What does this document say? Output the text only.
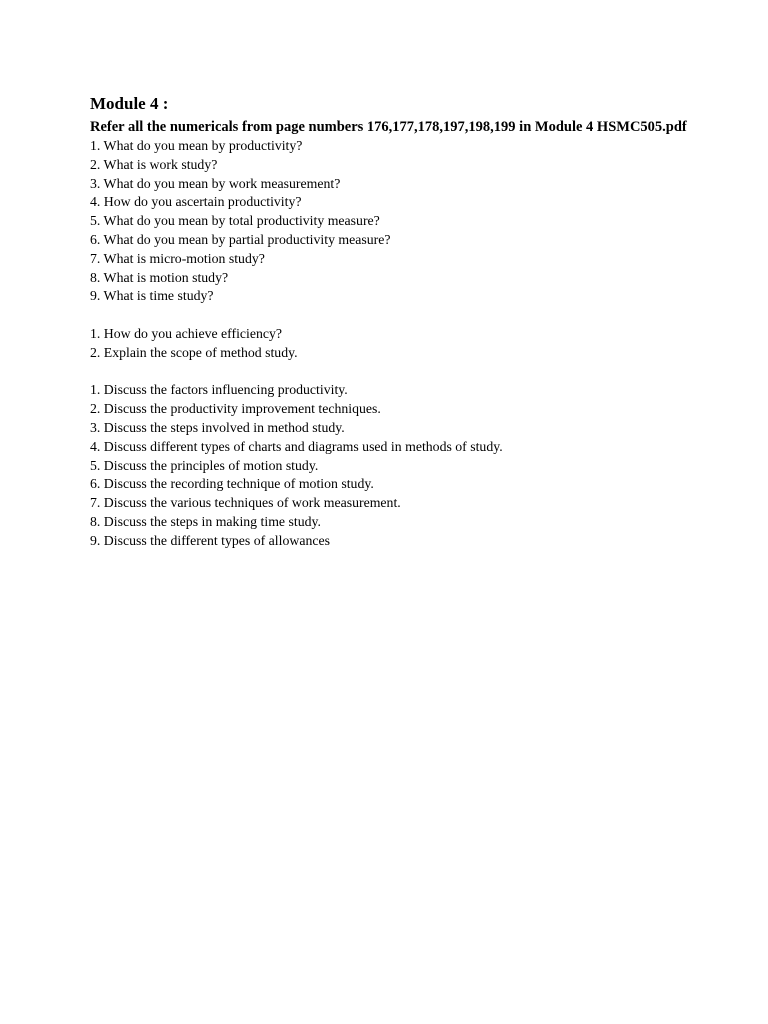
Module 4 :
Refer all the numericals from page numbers 176,177,178,197,198,199 in Module 4 HSMC505.pdf
1. What do you mean by productivity?
2. What is work study?
3. What do you mean by work measurement?
4. How do you ascertain productivity?
5. What do you mean by total productivity measure?
6. What do you mean by partial productivity measure?
7. What is micro-motion study?
8. What is motion study?
9. What is time study?
1. How do you achieve efficiency?
2. Explain the scope of method study.
1. Discuss the factors influencing productivity.
2. Discuss the productivity improvement techniques.
3. Discuss the steps involved in method study.
4. Discuss different types of charts and diagrams used in methods of study.
5. Discuss the principles of motion study.
6. Discuss the recording technique of motion study.
7. Discuss the various techniques of work measurement.
8. Discuss the steps in making time study.
9. Discuss the different types of allowances
